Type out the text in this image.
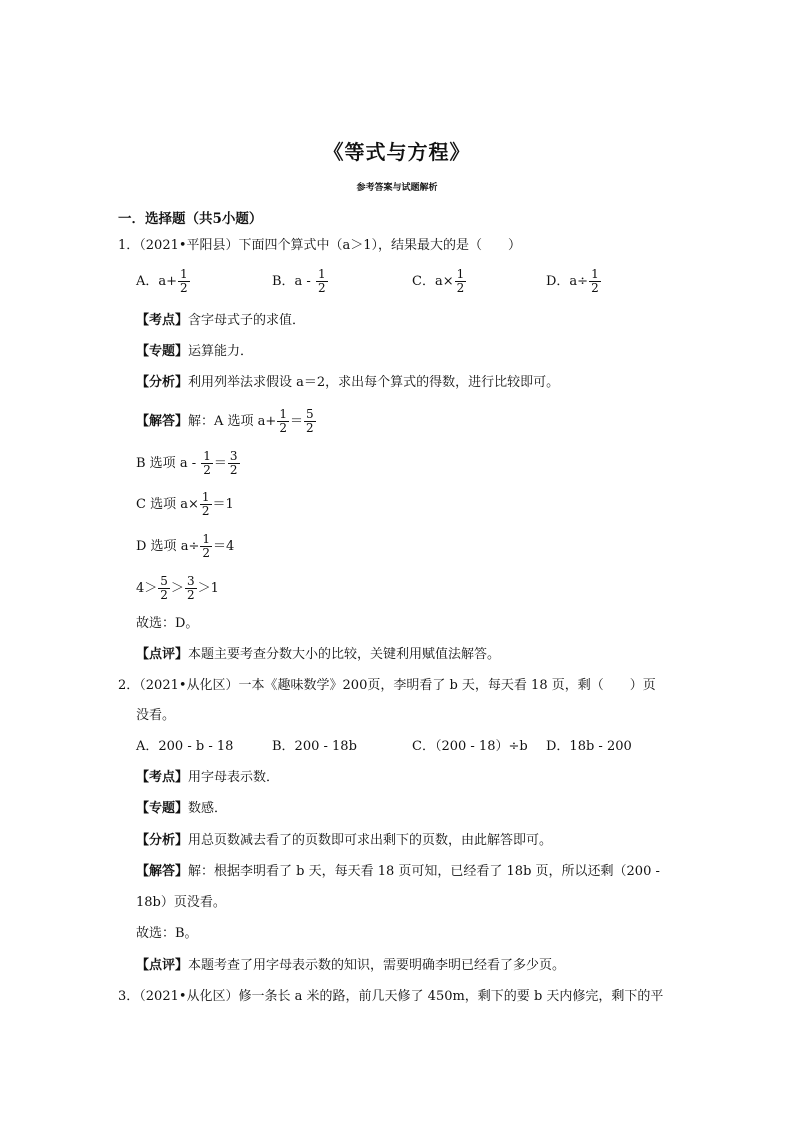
《等式与方程》
参考答案与试题解析
一．选择题（共5小题）
1．（2021•平阳县）下面四个算式中（a＞1），结果最大的是（　　）
A．$a+ \frac{1}{2}$	B．a - $\frac{1}{2}$	C．$a\times \frac{1}{2}$	D．$a\div \frac{1}{2}$
【考点】含字母式子的求值．
【专题】运算能力．
【分析】利用列举法求假设 a＝2，求出每个算式的得数，进行比较即可。
【解答】解：A 选项 $a+ \frac{1}{2} = \frac{5}{2}$
B 选项 $a - \frac{1}{2} = \frac{3}{2}$
C 选项 $a\times \frac{1}{2} =1$
D 选项 $a\div \frac{1}{2} =4$
$4> \frac{5}{2} > \frac{3}{2} >1$
故选：D。
【点评】本题主要考查分数大小的比较，关键利用赋值法解答。
2．（2021•从化区）一本《趣味数学》200页，李明看了 b 天，每天看 18 页，剩（　　）页
没看。
A．200 - b - 18	B．200 - 18b	C．（200 - 18）÷b D．18b - 200
【考点】用字母表示数．
【专题】数感．
【分析】用总页数减去看了的页数即可求出剩下的页数，由此解答即可。
【解答】解：根据李明看了 b 天，每天看 18 页可知，已经看了 18b 页，所以还剩（200 -
18b）页没看。
故选：B。
【点评】本题考查了用字母表示数的知识，需要明确李明已经看了多少页。
3．（2021•从化区）修一条长 a 米的路，前几天修了 450m，剩下的要 b 天内修完，剩下的平
